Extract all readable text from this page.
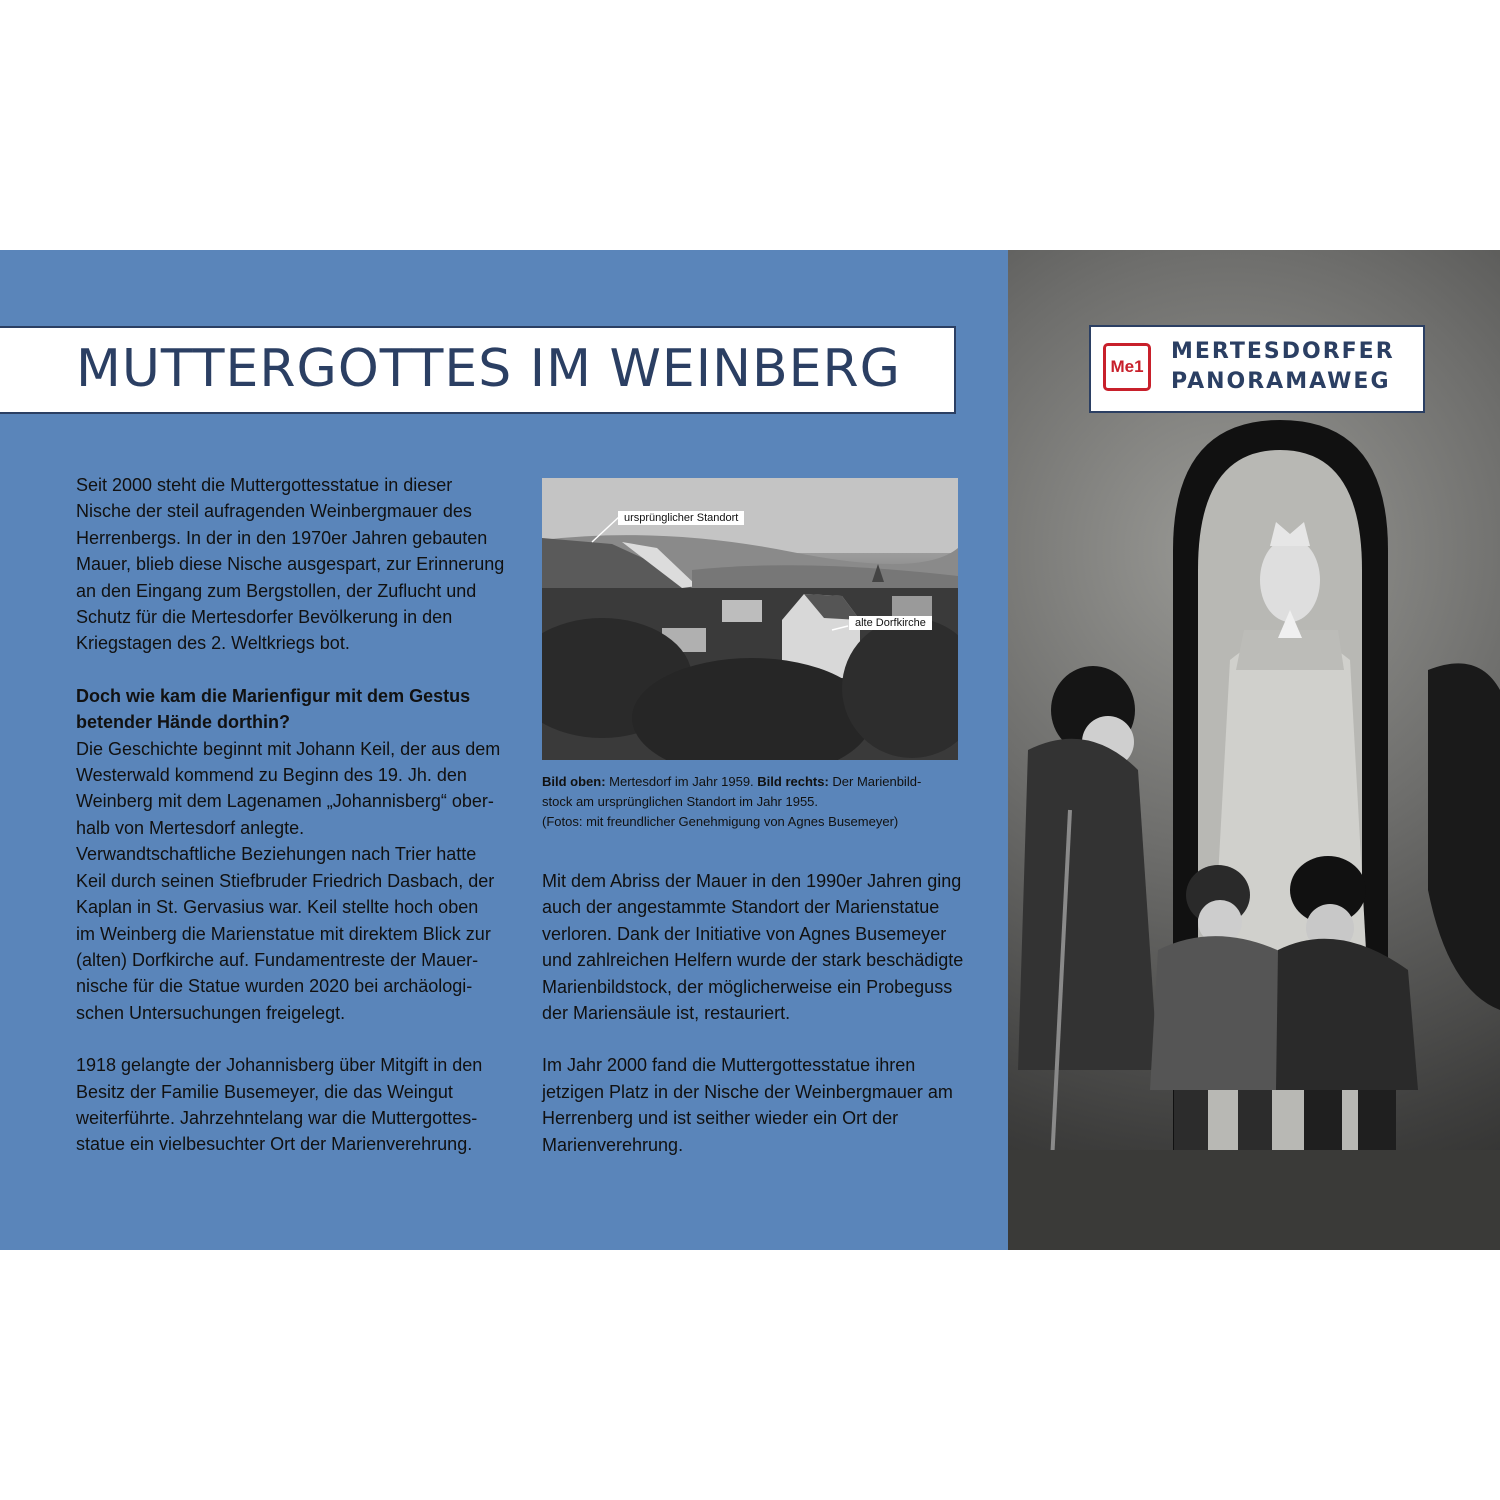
MUTTERGOTTES IM WEINBERG

Seit 2000 steht die Muttergottesstatue in dieser
Nische der steil aufragenden Weinbergmauer des
Herrenbergs. In der in den 1970er Jahren gebauten
Mauer, blieb diese Nische ausgespart, zur Erinnerung
an den Eingang zum Bergstollen, der Zuflucht und
Schutz für die Mertesdorfer Bevölkerung in den
Kriegstagen des 2. Weltkriegs bot.

Doch wie kam die Marienfigur mit dem Gestus
betender Hände dorthin?

Die Geschichte beginnt mit Johann Keil, der aus dem
Westerwald kommend zu Beginn des 19. Jh. den
Weinberg mit dem Lagenamen „Johannisberg“ ober-
halb von Mertesdorf anlegte.
Verwandtschaftliche Beziehungen nach Trier hatte
Keil durch seinen Stiefbruder Friedrich Dasbach, der
Kaplan in St. Gervasius war. Keil stellte hoch oben
im Weinberg die Marienstatue mit direktem Blick zur
(alten) Dorfkirche auf. Fundamentreste der Mauer-
nische für die Statue wurden 2020 bei archäologi-
schen Untersuchungen freigelegt.

1918 gelangte der Johannisberg über Mitgift in den
Besitz der Familie Busemeyer, die das Weingut
weiterführte. Jahrzehntelang war die Muttergottes-
statue ein vielbesuchter Ort der Marienverehrung.

ursprünglicher Standort
alte Dorfkirche
Bild oben: Mertesdorf im Jahr 1959. Bild rechts: Der Marienbild-
stock am ursprünglichen Standort im Jahr 1955.
(Fotos: mit freundlicher Genehmigung von Agnes Busemeyer)

Mit dem Abriss der Mauer in den 1990er Jahren ging
auch der angestammte Standort der Marienstatue
verloren. Dank der Initiative von Agnes Busemeyer
und zahlreichen Helfern wurde der stark beschädigte
Marienbildstock, der möglicherweise ein Probeguss
der Mariensäule ist, restauriert.

Im Jahr 2000 fand die Muttergottesstatue ihren
jetzigen Platz in der Nische der Weinbergmauer am
Herrenberg und ist seither wieder ein Ort der
Marienverehrung.

Me1
MERTESDORFER
PANORAMAWEG
